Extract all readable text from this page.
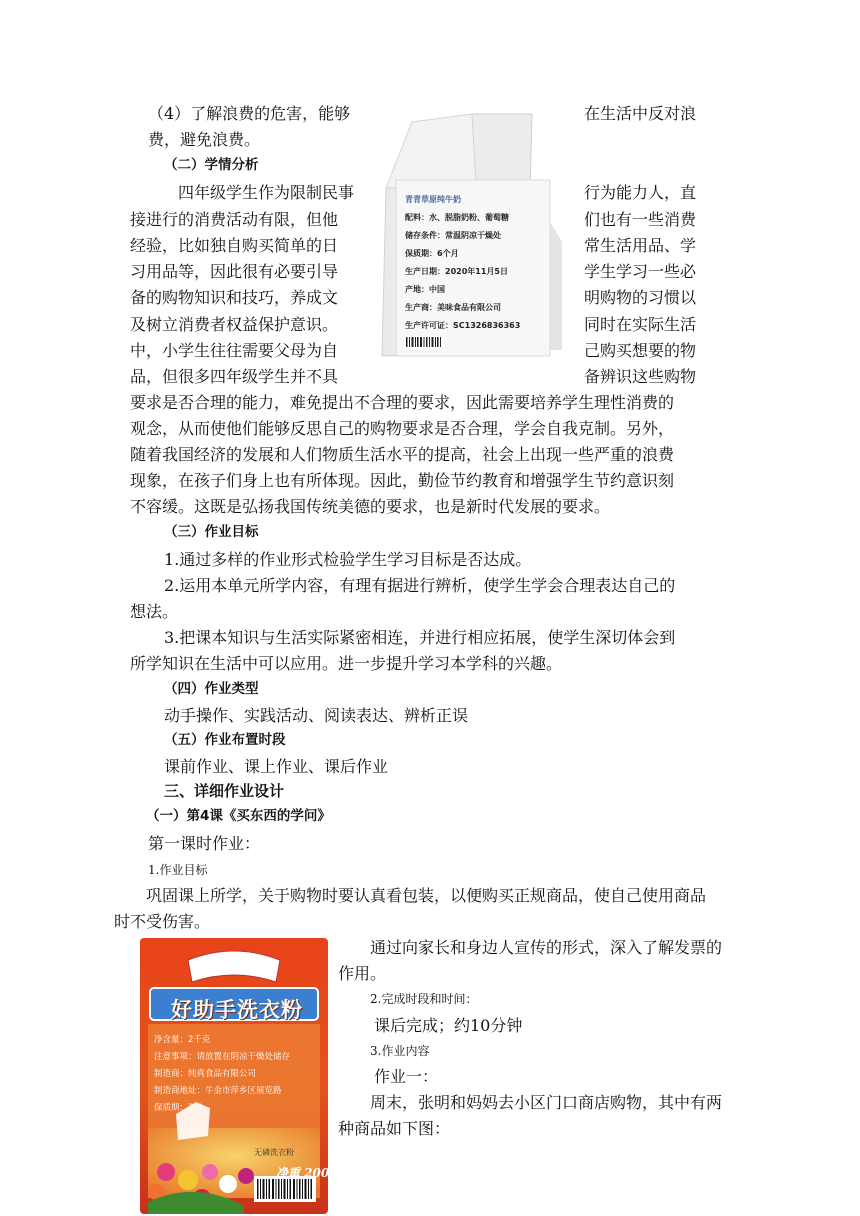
（4）了解浪费的危害，能够	在生活中反对浪
费，避免浪费。
（二）学情分析
四年级学生作为限制民事	行为能力人，直
接进行的消费活动有限，但他	们也有一些消费
经验，比如独自购买简单的日	常生活用品、学
习用品等，因此很有必要引导	学生学习一些必
备的购物知识和技巧，养成文	明购物的习惯以
及树立消费者权益保护意识。	同时在实际生活
中，小学生往往需要父母为自	己购买想要的物
品，但很多四年级学生并不具	备辨识这些购物
要求是否合理的能力，难免提出不合理的要求，因此需要培养学生理性消费的
观念，从而使他们能够反思自己的购物要求是否合理，学会自我克制。另外，
随着我国经济的发展和人们物质生活水平的提高，社会上出现一些严重的浪费
现象，在孩子们身上也有所体现。因此，勤俭节约教育和增强学生节约意识刻
不容缓。这既是弘扬我国传统美德的要求，也是新时代发展的要求。
（三）作业目标
1.通过多样的作业形式检验学生学习目标是否达成。
2.运用本单元所学内容，有理有据进行辨析，使学生学会合理表达自己的
想法。
3.把课本知识与生活实际紧密相连，并进行相应拓展，使学生深切体会到
所学知识在生活中可以应用。进一步提升学习本学科的兴趣。
（四）作业类型
动手操作、实践活动、阅读表达、辨析正误
（五）作业布置时段
课前作业、课上作业、课后作业
三、详细作业设计
（一）第4课《买东西的学问》
第一课时作业：
1.作业目标
巩固课上所学，关于购物时要认真看包装，以便购买正规商品，使自己使用商品
时不受伤害。
通过向家长和身边人宣传的形式，深入了解发票的
作用。
2.完成时段和时间：
课后完成；约10分钟
3.作业内容
作业一：
周末，张明和妈妈去小区门口商店购物，其中有两
种商品如下图：
青青草原纯牛奶
配料：水、脱脂奶粉、葡萄糖
储存条件：常温阴凉干燥处
保质期：6个月
生产日期：2020年11月5日
产地：中国
生产商：美味食品有限公司
生产许可证：SC1326836363
好助手洗衣粉
净含量：2千克
注意事项：请放置在阴凉干燥处储存
制造商：纯真食品有限公司
制造商地址：牛金市萍乡区展览路
保质期：2年
无磷洗衣粉
净重 2000g
